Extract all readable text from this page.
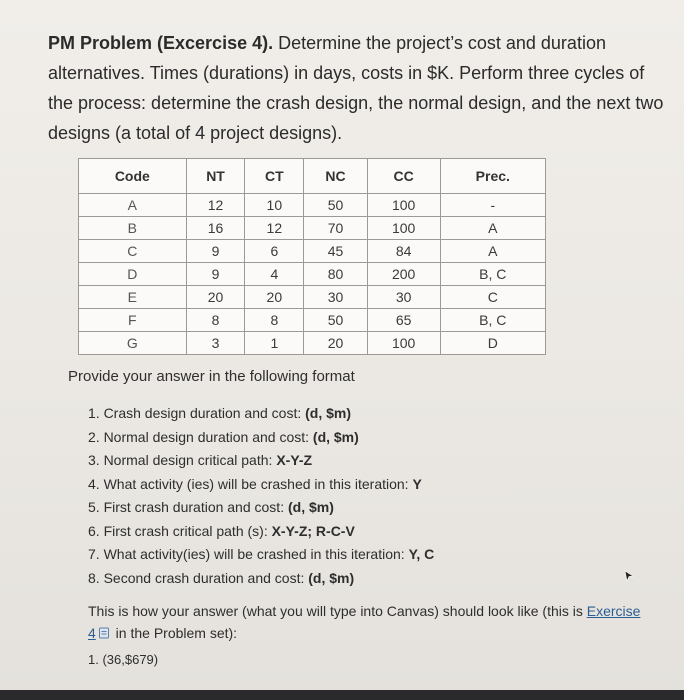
PM Problem (Excercise 4). Determine the project’s cost and duration alternatives. Times (durations) in days, costs in $K. Perform three cycles of the process: determine the crash design, the normal design, and the next two designs (a total of 4 project designs).
Code	NT	CT	NC	CC	Prec.
A	12	10	50	100	-
B	16	12	70	100	A
C	9	6	45	84	A
D	9	4	80	200	B, C
E	20	20	30	30	C
F	8	8	50	65	B, C
G	3	1	20	100	D
Provide your answer in the following format
1. Crash design duration and cost: (d, $m)
2. Normal design duration and cost: (d, $m)
3. Normal design critical path: X-Y-Z
4. What activity (ies) will be crashed in this iteration: Y
5. First crash duration and cost: (d, $m)
6. First crash critical path (s): X-Y-Z; R-C-V
7. What activity(ies) will be crashed in this iteration: Y, C
8. Second crash duration and cost: (d, $m)
This is how your answer (what you will type into Canvas) should look like (this is Exercise 4 in the Problem set):
1. (36,$679)
